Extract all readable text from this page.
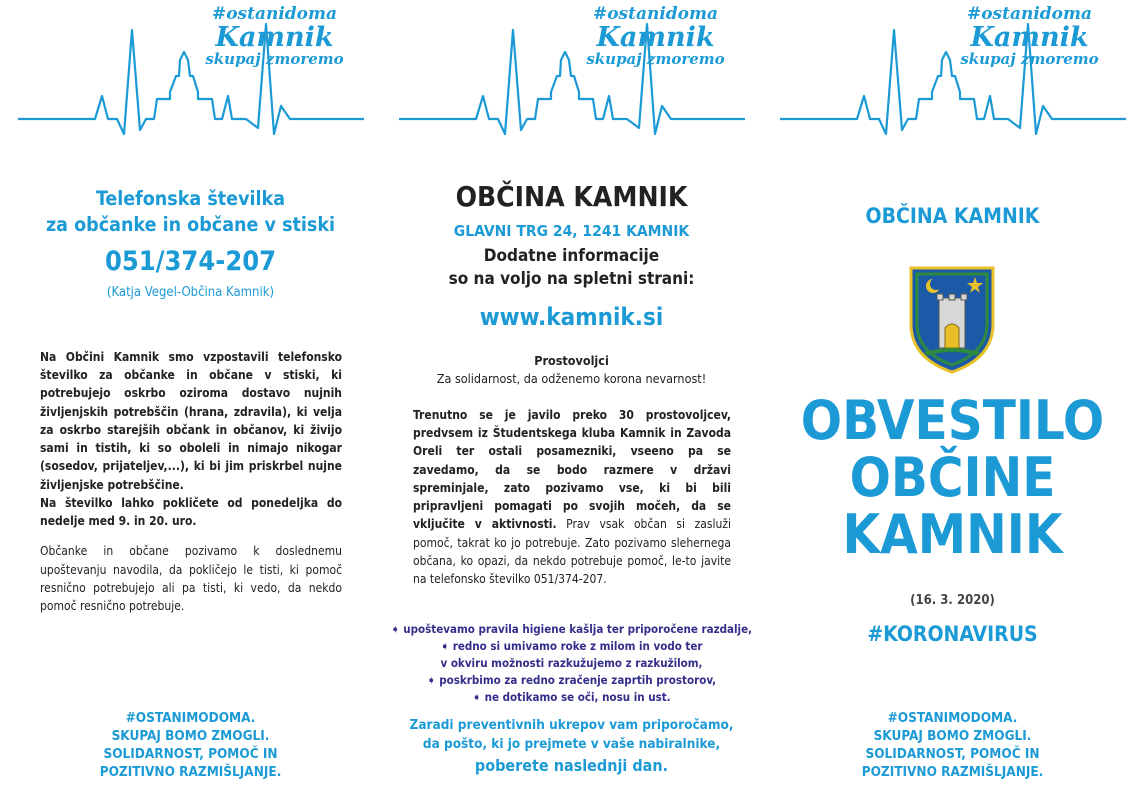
#ostanidoma
Kamnik
skupaj zmoremo
Telefonska številka
za občanke in občane v stiski
051/374-207
(Katja Vegel-Občina Kamnik)
Na Občini Kamnik smo vzpostavili telefonsko številko za občanke in občane v stiski, ki potrebujejo oskrbo oziroma dostavo nujnih življenjskih potrebščin (hrana, zdravila), ki velja za oskrbo starejših občank in občanov, ki živijo sami in tistih, ki so oboleli in nimajo nikogar (sosedov, prijateljev,...), ki bi jim priskrbel nujne življenjske potrebščine.
Na številko lahko pokličete od ponedeljka do nedelje med 9. in 20. uro.
Občanke in občane pozivamo k doslednemu upoštevanju navodila, da pokličejo le tisti, ki pomoč resnično potrebujejo ali pa tisti, ki vedo, da nekdo pomoč resnično potrebuje.
#OSTANIMODOMA.
SKUPAJ BOMO ZMOGLI.
SOLIDARNOST, POMOČ IN
POZITIVNO RAZMIŠLJANJE.
#ostanidoma
Kamnik
skupaj zmoremo
OBČINA KAMNIK
GLAVNI TRG 24, 1241 KAMNIK
Dodatne informacije
so na voljo na spletni strani:
www.kamnik.si
Prostovoljci
Za solidarnost, da odženemo korona nevarnost!
Trenutno se je javilo preko 30 prostovoljcev, predvsem iz Študentskega kluba Kamnik in Zavoda Oreli ter ostali posamezniki, vseeno pa se zavedamo, da se bodo razmere v državi spreminjale, zato pozivamo vse, ki bi bili pripravljeni pomagati po svojih močeh, da se vključite v aktivnosti. Prav vsak občan si zasluži pomoč, takrat ko jo potrebuje. Zato pozivamo slehernega občana, ko opazi, da nekdo potrebuje pomoč, le-to javite na telefonsko številko 051/374-207.
➧ upoštevamo pravila higiene kašlja ter priporočene razdalje,
➧ redno si umivamo roke z milom in vodo ter
v okviru možnosti razkužujemo z razkužilom,
➧ poskrbimo za redno zračenje zaprtih prostorov,
➧ ne dotikamo se oči, nosu in ust.
Zaradi preventivnih ukrepov vam priporočamo,
da pošto, ki jo prejmete v vaše nabiralnike,
poberete naslednji dan.
#ostanidoma
Kamnik
skupaj zmoremo
OBČINA KAMNIK
OBVESTILO
OBČINE
KAMNIK
(16. 3. 2020)
#KORONAVIRUS
#OSTANIMODOMA.
SKUPAJ BOMO ZMOGLI.
SOLIDARNOST, POMOČ IN
POZITIVNO RAZMIŠLJANJE.
